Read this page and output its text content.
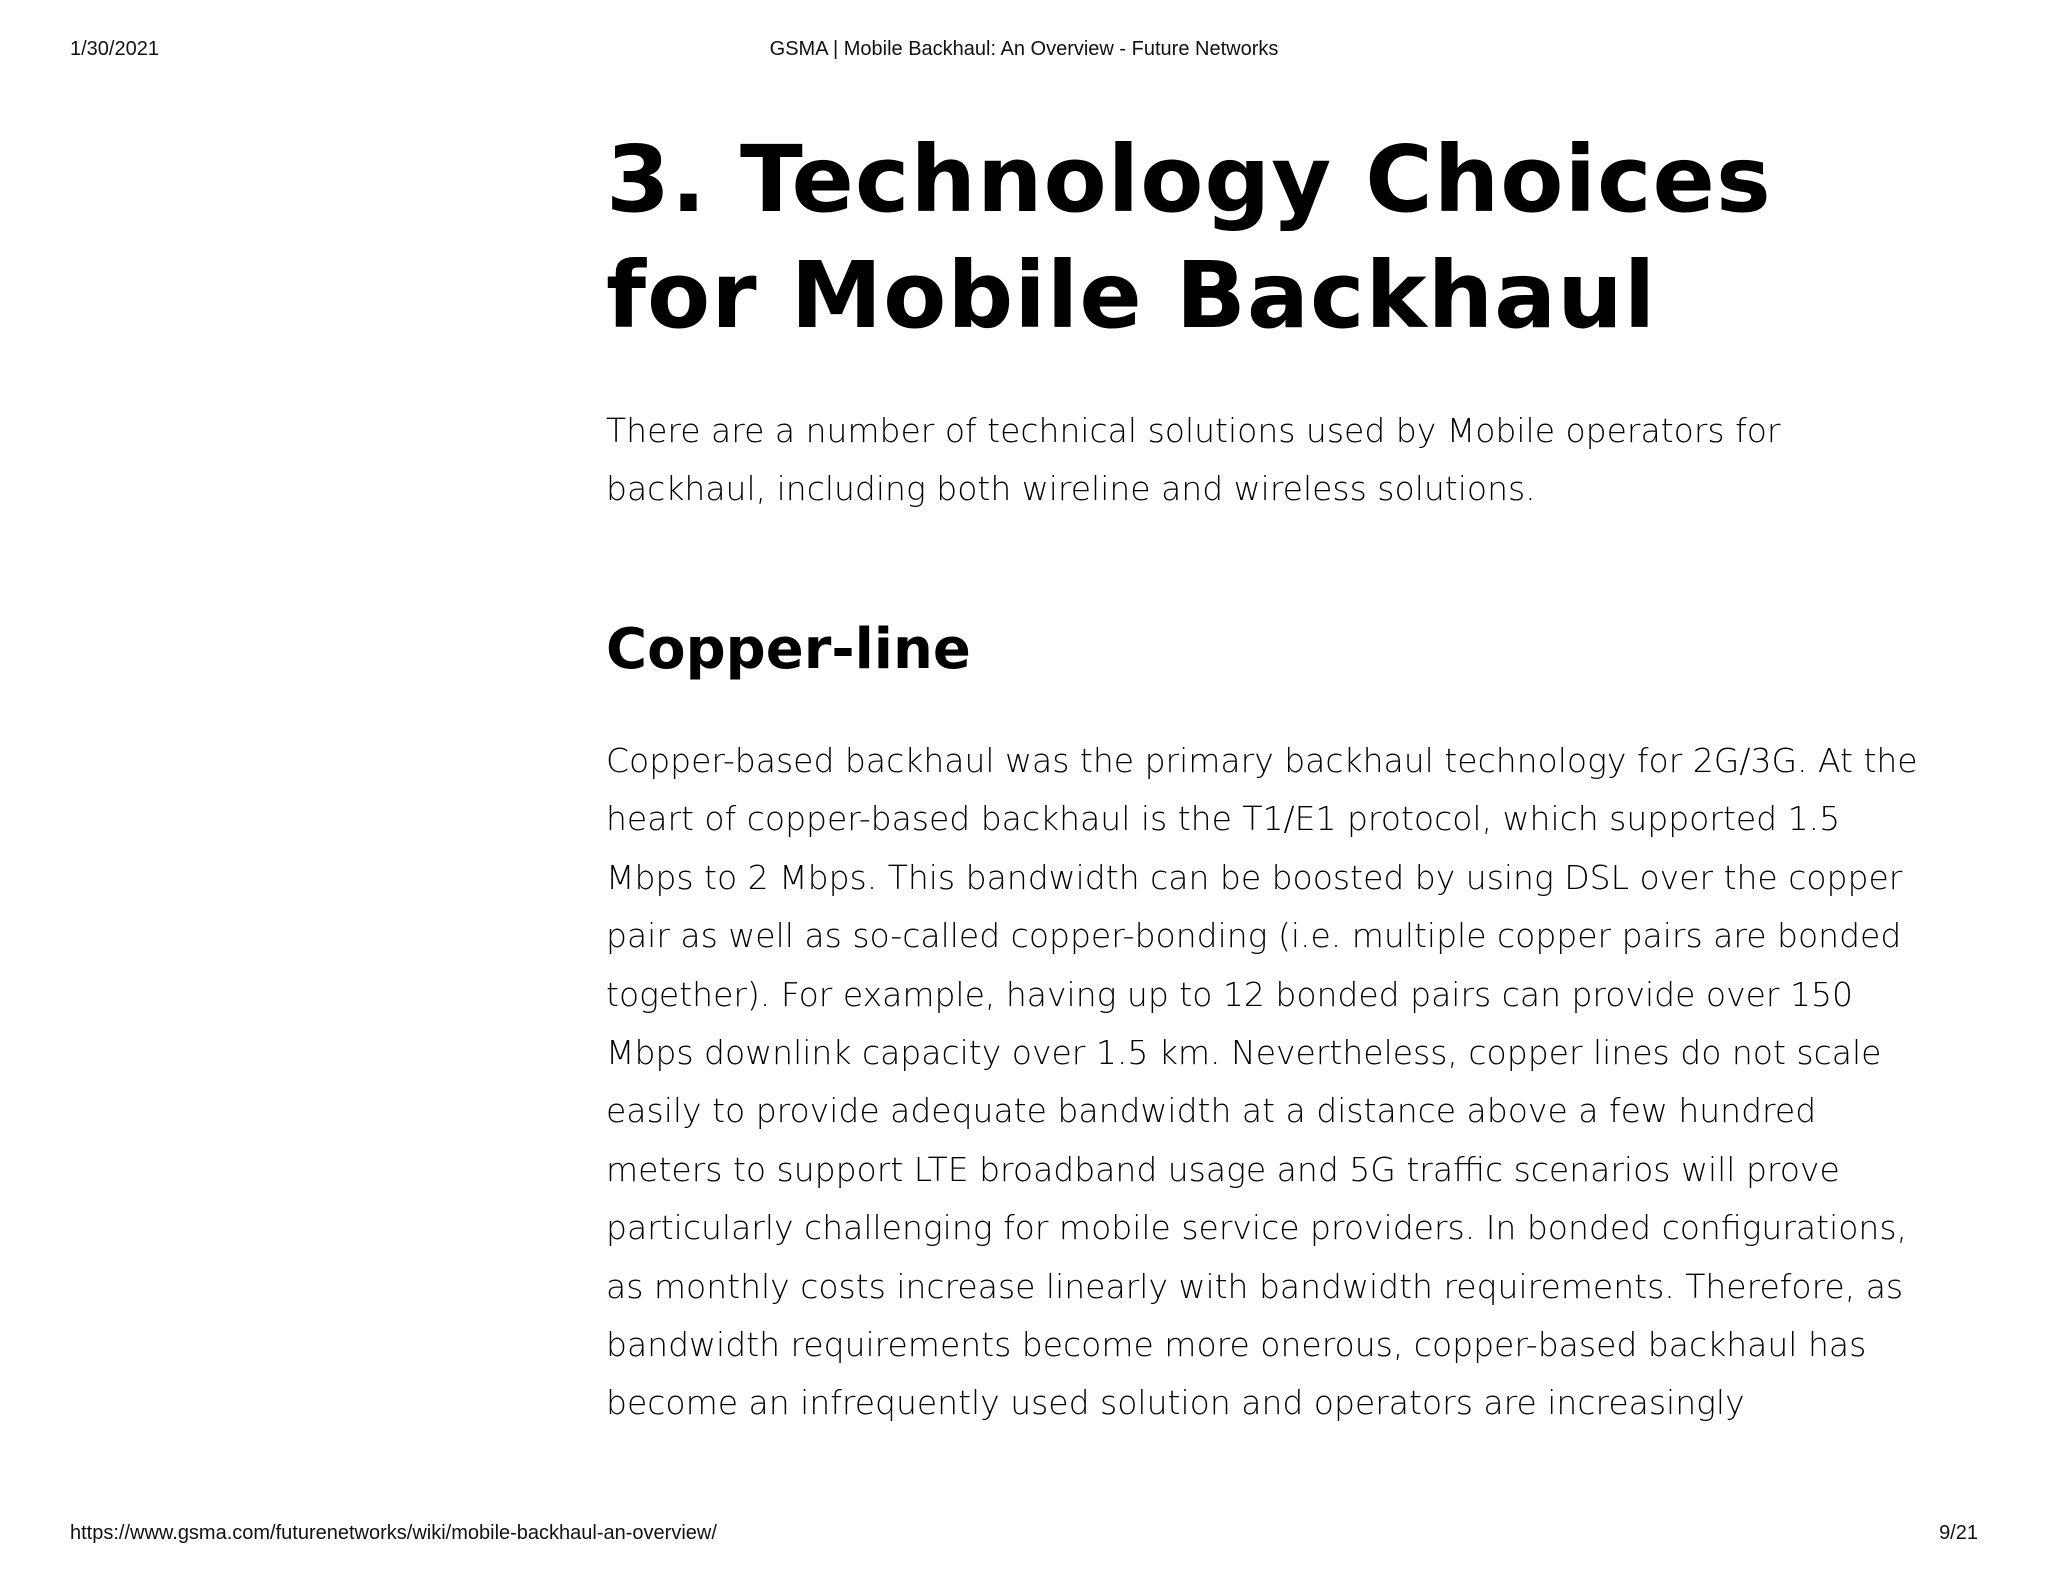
1/30/2021	GSMA | Mobile Backhaul: An Overview - Future Networks
3. Technology Choices for Mobile Backhaul

There are a number of technical solutions used by Mobile operators for backhaul, including both wireline and wireless solutions.

Copper-line

Copper-based backhaul was the primary backhaul technology for 2G/3G. At the heart of copper-based backhaul is the T1/E1 protocol, which supported 1.5 Mbps to 2 Mbps. This bandwidth can be boosted by using DSL over the copper pair as well as so-called copper-bonding (i.e. multiple copper pairs are bonded together). For example, having up to 12 bonded pairs can provide over 150 Mbps downlink capacity over 1.5 km. Nevertheless, copper lines do not scale easily to provide adequate bandwidth at a distance above a few hundred meters to support LTE broadband usage and 5G traffic scenarios will prove particularly challenging for mobile service providers. In bonded configurations, as monthly costs increase linearly with bandwidth requirements. Therefore, as bandwidth requirements become more onerous, copper-based backhaul has become an infrequently used solution and operators are increasingly

https://www.gsma.com/futurenetworks/wiki/mobile-backhaul-an-overview/	9/21
